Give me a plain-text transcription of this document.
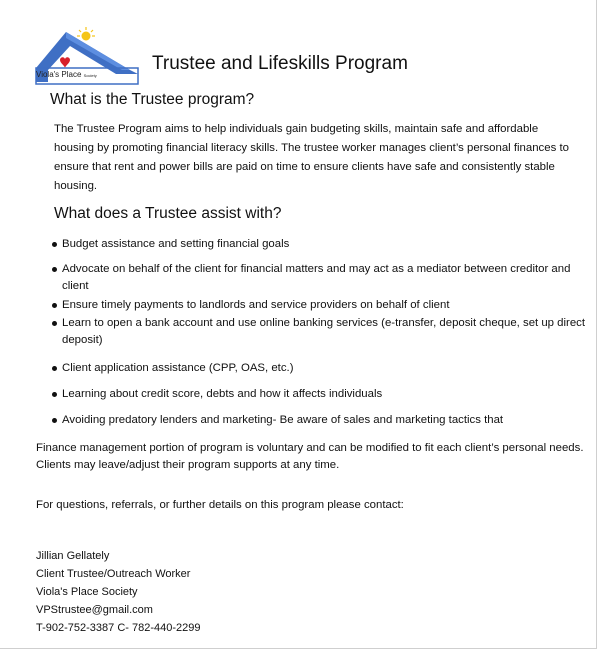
Viola's Place Society
Trustee and Lifeskills Program
What is the Trustee program?

The Trustee Program aims to help individuals gain budgeting skills, maintain safe and affordable housing by promoting financial literacy skills. The trustee worker manages client’s personal finances to ensure that rent and power bills are paid on time to ensure clients have safe and consistently stable housing.

What does a Trustee assist with?
Budget assistance and setting financial goals
Advocate on behalf of the client for financial matters and may act as a mediator between creditor and client
Ensure timely payments to landlords and service providers on behalf of client
Learn to open a bank account and use online banking services (e-transfer, deposit cheque, set up direct deposit)
Client application assistance (CPP, OAS, etc.)
Learning about credit score, debts and how it affects individuals
Avoiding predatory lenders and marketing- Be aware of sales and marketing tactics that

Finance management portion of program is voluntary and can be modified to fit each client’s personal needs. Clients may leave/adjust their program supports at any time.

For questions, referrals, or further details on this program please contact:

Jillian Gellately
Client Trustee/Outreach Worker
Viola's Place Society
VPStrustee@gmail.com
T-902-752-3387 C- 782-440-2299
